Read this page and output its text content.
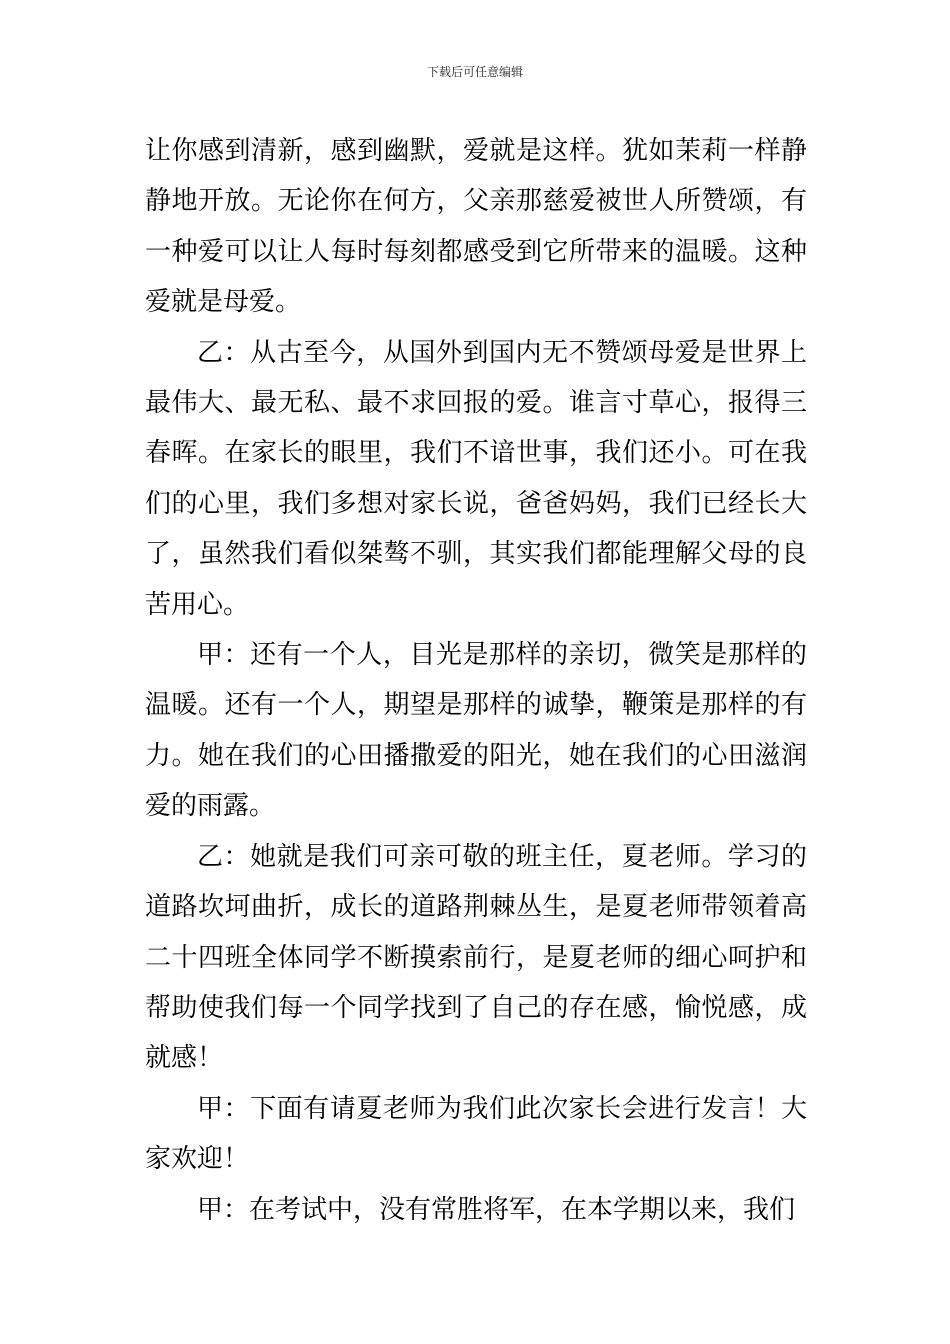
下载后可任意编辑

让你感到清新，感到幽默，爱就是这样。犹如茉莉一样静静地开放。无论你在何方，父亲那慈爱被世人所赞颂，有一种爱可以让人每时每刻都感受到它所带来的温暖。这种爱就是母爱。

乙：从古至今，从国外到国内无不赞颂母爱是世界上最伟大、最无私、最不求回报的爱。谁言寸草心，报得三春晖。在家长的眼里，我们不谙世事，我们还小。可在我们的心里，我们多想对家长说，爸爸妈妈，我们已经长大了，虽然我们看似桀骜不驯，其实我们都能理解父母的良苦用心。

甲：还有一个人，目光是那样的亲切，微笑是那样的温暖。还有一个人，期望是那样的诚挚，鞭策是那样的有力。她在我们的心田播撒爱的阳光，她在我们的心田滋润爱的雨露。

乙：她就是我们可亲可敬的班主任，夏老师。学习的道路坎坷曲折，成长的道路荆棘丛生，是夏老师带领着高二十四班全体同学不断摸索前行，是夏老师的细心呵护和帮助使我们每一个同学找到了自己的存在感，愉悦感，成就感！

甲：下面有请夏老师为我们此次家长会进行发言！大家欢迎！

甲：在考试中，没有常胜将军，在本学期以来，我们
